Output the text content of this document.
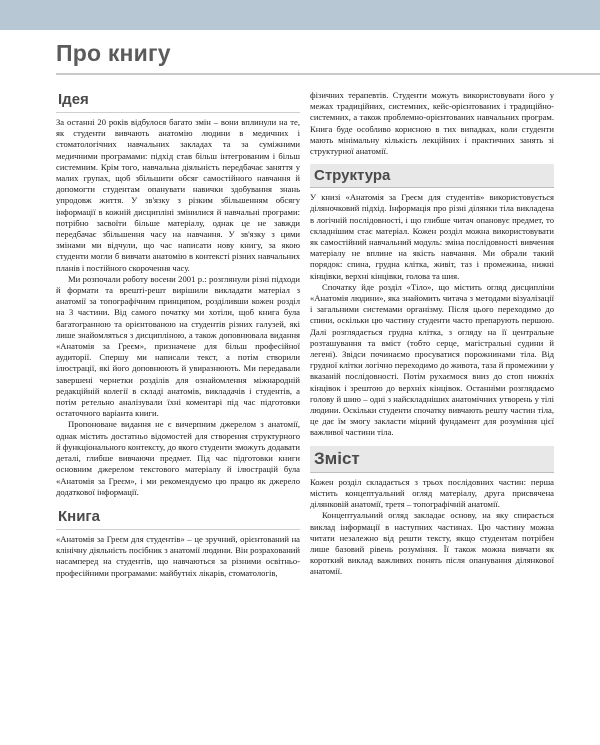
Про книгу
Ідея

За останні 20 років відбулося багато змін – вони вплинули на те, як студенти вивчають анатомію людини в медичних і стоматологічних навчальних закладах та за суміжними медичними програмами: підхід став більш інтегрованим і більш системним. Крім того, навчальна діяльність передбачає заняття у малих групах, щоб збільшити обсяг самостійного навчання й допомогти студентам опанувати навички здобування знань упродовж життя. У зв'язку з різким збільшенням обсягу інформації в кожній дисципліні змінилися й навчальні програми: потрібно засвоїти більше матеріалу, однак це не завжди передбачає збільшення часу на навчання. У зв'язку з цими змінами ми відчули, що час написати нову книгу, за якою студенти могли б вивчати анатомію в контексті різних навчальних планів і постійного скорочення часу.

Ми розпочали роботу восени 2001 р.: розглянули різні підходи й формати та врешті-решт вирішили викладати матеріал з анатомії за топографічним принципом, розділивши кожен розділ на 3 частини. Від самого початку ми хотіли, щоб книга була багатогранною та орієнтованою на студентів різних галузей, які лише знайомляться з дисципліною, а також доповнювала видання «Анатомія за Греєм», призначене для більш професійної аудиторії. Спершу ми написали текст, а потім створили ілюстрації, які його доповнюють й увиразнюють. Ми передавали завершені чернетки розділів для ознайомлення міжнародній редакційній колегії в складі анатомів, викладачів і студентів, а потім ретельно аналізували їхні коментарі під час підготовки остаточного варіанта книги.

Пропоноване видання не є вичерпним джерелом з анатомії, однак містить достатньо відомостей для створення структурного й функціонального контексту, до якого студенти зможуть додавати деталі, глибше вивчаючи предмет. Під час підготовки книги основним джерелом текстового матеріалу й ілюстрацій була «Анатомія за Греєм», і ми рекомендуємо цю працю як джерело додаткової інформації.

Книга

«Анатомія за Греєм для студентів» – це зручний, орієнтований на клінічну діяльність посібник з анатомії людини. Він розрахований насамперед на студентів, що навчаються за різними освітньо-професійними програмами: майбутніх лікарів, стоматологів,

фізичних терапевтів. Студенти можуть використовувати його у межах традиційних, системних, кейс-орієнтованих і традиційно-системних, а також проблемно-орієнтованих навчальних програм. Книга буде особливо корисною в тих випадках, коли студенти мають мінімальну кількість лекційних і практичних занять зі структурної анатомії.

Структура

У книзі «Анатомія за Греєм для студентів» використовується діляночковий підхід. Інформація про різні ділянки тіла викладена в логічній послідовності, і що глибше читач опановує предмет, то складнішим стає матеріал. Кожен розділ можна використовувати як самостійний навчальний модуль: зміна послідовності вивчення матеріалу не вплине на якість навчання. Ми обрали такий порядок: спина, грудна клітка, живіт, таз і промежина, нижні кінцівки, верхні кінцівки, голова та шия.

Спочатку йде розділ «Тіло», що містить огляд дисципліни «Анатомія людини», яка знайомить читача з методами візуалізації і загальними системами організму. Після цього переходимо до спини, оскільки цю частину студенти часто препарують першою. Далі розглядається грудна клітка, з огляду на її центральне розташування та вміст (тобто серце, магістральні судини й легені). Звідси починаємо просуватися порожнинами тіла. Від грудної клітки логічно переходимо до живота, таза й промежини у вказаній послідовності. Потім рухаємося вниз до стоп нижніх кінцівок і зрештою до верхніх кінцівок. Останніми розглядаємо голову й шию – одні з найскладніших анатомічних утворень у тілі людини. Оскільки студенти спочатку вивчають решту частин тіла, це дає їм змогу закласти міцний фундамент для розуміння цієї важливої частини тіла.

Зміст

Кожен розділ складається з трьох послідовних частин: перша містить концептуальний огляд матеріалу, друга присвячена ділянковій анатомії, третя – топографічній анатомії.

Концептуальний огляд закладає основу, на яку спирається виклад інформації в наступних частинах. Цю частину можна читати незалежно від решти тексту, якщо студентам потрібен лише базовий рівень розуміння. Її також можна вивчати як короткий виклад важливих понять після опанування ділянкової анатомії.
